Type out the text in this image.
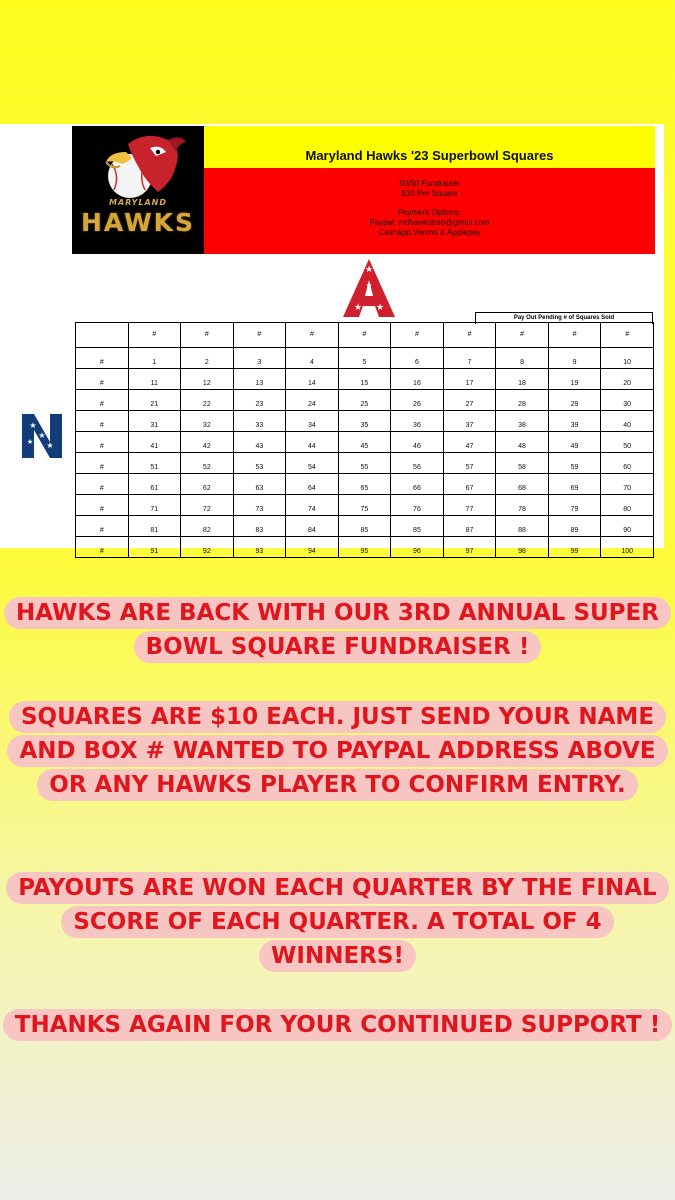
MARYLAND
HAWKS
Maryland Hawks '23 Superbowl Squares
50/50 Fundraiser
$10 Per Square
Payment Options:
Paypal: mdhawksbsb@gmail.com
Cashapp,Venmo & Applepay
★
★ ★
★
★
★
★
★
Pay Out Pending # of Squares Sold
	#	#	#	#	#	#	#	#	#	#
#	1	2	3	4	5	6	7	8	9	10
#	11	12	13	14	15	16	17	18	19	20
#	21	22	23	24	25	26	27	28	29	30
#	31	32	33	34	35	36	37	38	39	40
#	41	42	43	44	45	46	47	48	49	50
#	51	52	53	54	55	56	57	58	59	60
#	61	62	63	64	65	66	67	68	69	70
#	71	72	73	74	75	76	77	78	79	80
#	81	82	83	84	85	85	87	88	89	90
#	91	92	93	94	95	96	97	98	99	100
HAWKS ARE BACK WITH OUR 3RD ANNUAL SUPER BOWL SQUARE FUNDRAISER !
SQUARES ARE $10 EACH. JUST SEND YOUR NAME AND BOX # WANTED TO PAYPAL ADDRESS ABOVE OR ANY HAWKS PLAYER TO CONFIRM ENTRY.
PAYOUTS ARE WON EACH QUARTER BY THE FINAL SCORE OF EACH QUARTER. A TOTAL OF 4 WINNERS!
THANKS AGAIN FOR YOUR CONTINUED SUPPORT !
